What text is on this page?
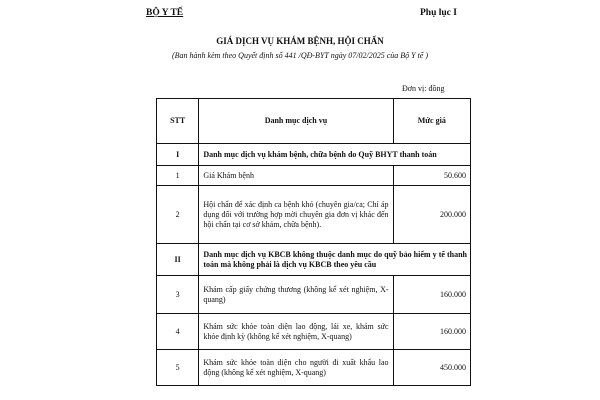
BỘ Y TẾ	Phụ lục I
GIÁ DỊCH VỤ KHÁM BỆNH, HỘI CHẨN
(Ban hành kèm theo Quyết định số 441 /QĐ-BYT ngày 07/02/2025 của Bộ Y tế )
Đơn vị: đồng
STT	Danh mục dịch vụ	Mức giá
I	Danh mục dịch vụ khám bệnh, chữa bệnh do Quỹ BHYT thanh toán	
1	Giá Khám bệnh	50.600
2	Hội chẩn để xác định ca bệnh khó (chuyên gia/ca; Chỉ áp dụng đối với trường hợp mời chuyên gia đơn vị khác đến hội chẩn tại cơ sở khám, chữa bệnh).	200.000
II	Danh mục dịch vụ KBCB không thuộc danh mục do quỹ bảo hiểm y tế thanh toán mà không phải là dịch vụ KBCB theo yêu cầu	
3	Khám cấp giấy chứng thương (không kể xét nghiệm, X-quang)	160.000
4	Khám sức khỏe toàn diện lao động, lái xe, khám sức khỏe định kỳ (không kể xét nghiệm, X-quang)	160.000
5	Khám sức khỏe toàn diện cho người đi xuất khẩu lao động (không kể xét nghiệm, X-quang)	450.000
